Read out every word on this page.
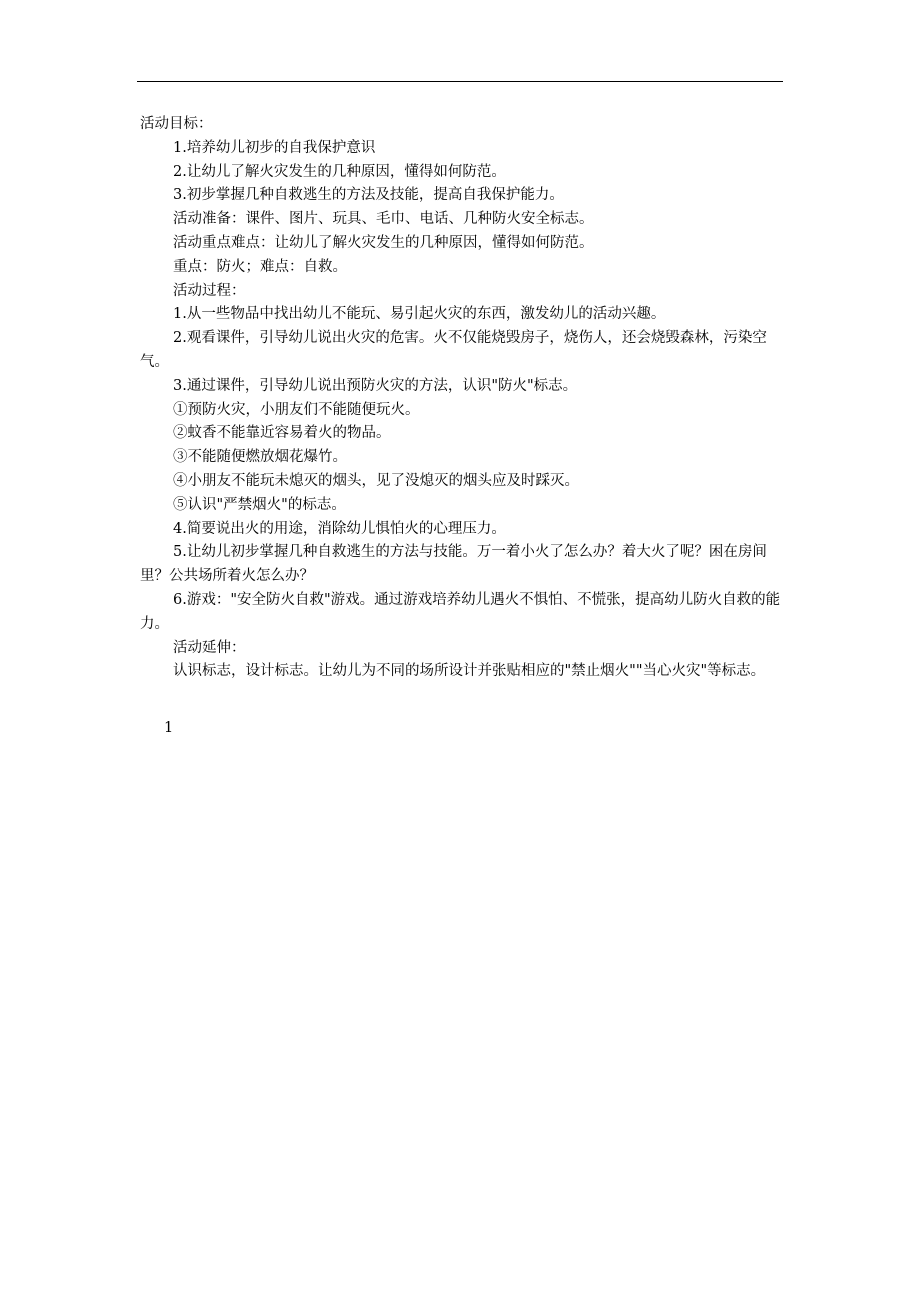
活动目标：

1.培养幼儿初步的自我保护意识

2.让幼儿了解火灾发生的几种原因，懂得如何防范。

3.初步掌握几种自救逃生的方法及技能，提高自我保护能力。

活动准备：课件、图片、玩具、毛巾、电话、几种防火安全标志。

活动重点难点：让幼儿了解火灾发生的几种原因，懂得如何防范。

重点：防火；难点：自救。

活动过程：

1.从一些物品中找出幼儿不能玩、易引起火灾的东西，激发幼儿的活动兴趣。

2.观看课件，引导幼儿说出火灾的危害。火不仅能烧毁房子，烧伤人，还会烧毁森林，污染空气。

3.通过课件，引导幼儿说出预防火灾的方法，认识"防火"标志。

①预防火灾，小朋友们不能随便玩火。

②蚊香不能靠近容易着火的物品。

③不能随便燃放烟花爆竹。

④小朋友不能玩未熄灭的烟头，见了没熄灭的烟头应及时踩灭。

⑤认识"严禁烟火"的标志。

4.简要说出火的用途，消除幼儿惧怕火的心理压力。

5.让幼儿初步掌握几种自救逃生的方法与技能。万一着小火了怎么办？着大火了呢？困在房间里？公共场所着火怎么办？

6.游戏："安全防火自救"游戏。通过游戏培养幼儿遇火不惧怕、不慌张，提高幼儿防火自救的能力。

活动延伸：

认识标志，设计标志。让幼儿为不同的场所设计并张贴相应的"禁止烟火""当心火灾"等标志。

1
